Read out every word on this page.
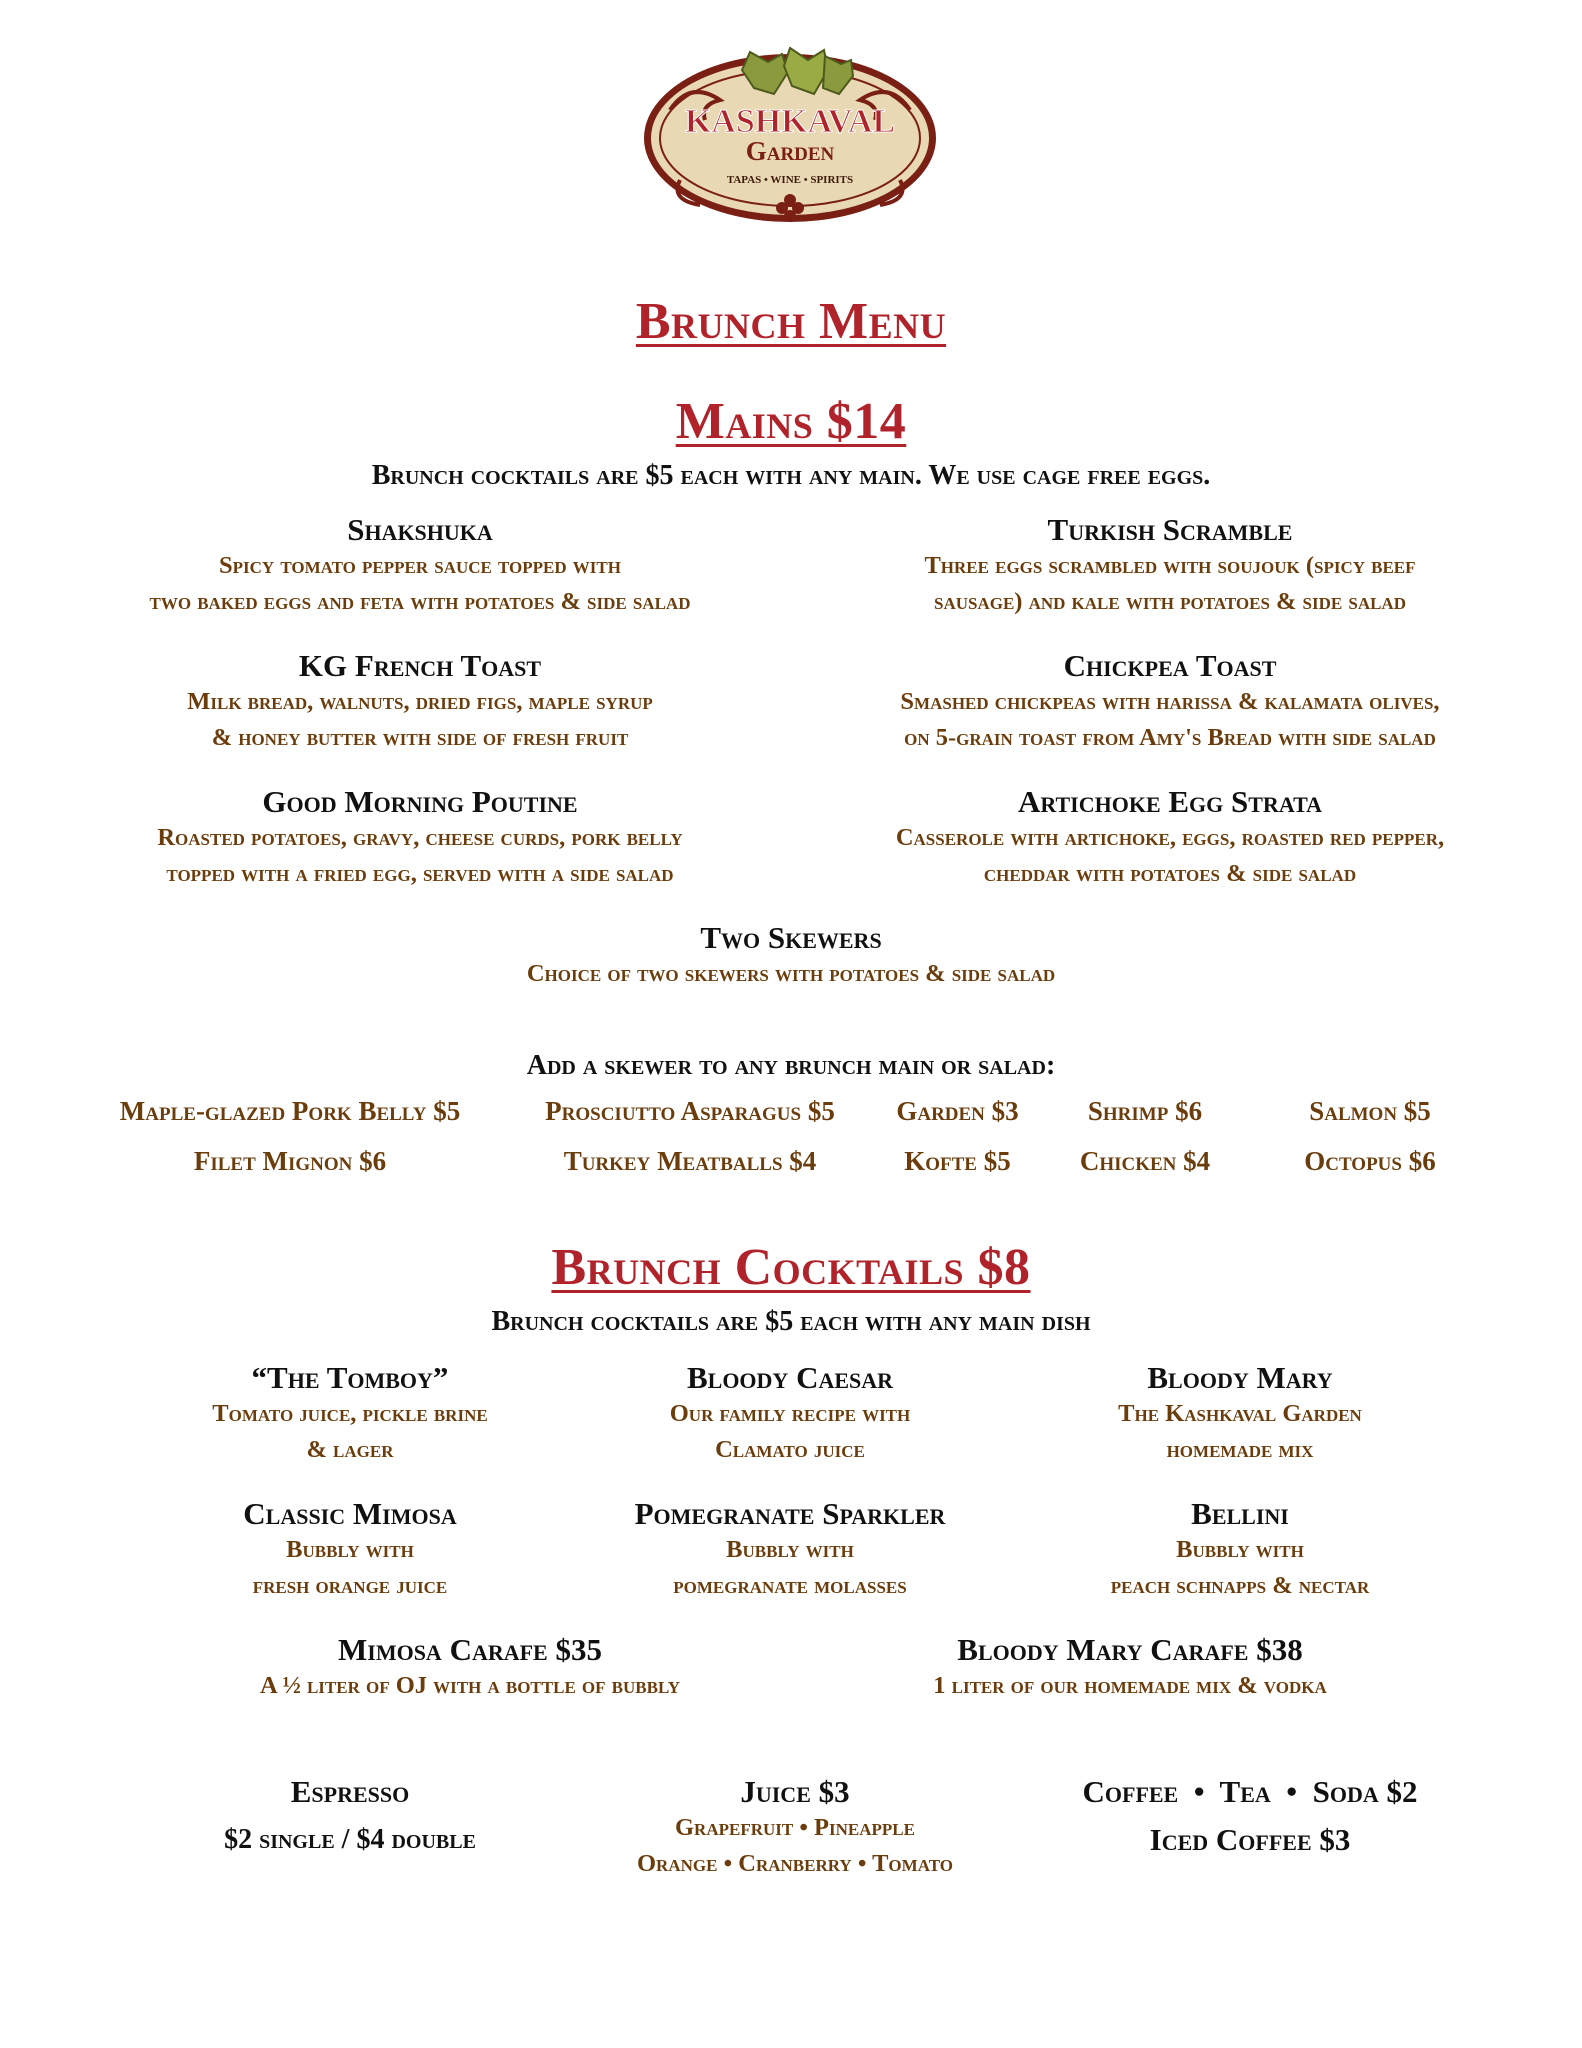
KASHKAVAL
Garden
TAPAS • WINE • SPIRITS
Brunch Menu
Mains $14
Brunch cocktails are $5 each with any main. We use cage free eggs.
Shakshuka
Spicy tomato pepper sauce topped with
two baked eggs and feta with potatoes & side salad
Turkish Scramble
Three eggs scrambled with soujouk (spicy beef
sausage) and kale with potatoes & side salad
KG French Toast
Milk bread, walnuts, dried figs, maple syrup
& honey butter with side of fresh fruit
Chickpea Toast
Smashed chickpeas with harissa & kalamata olives,
on 5-grain toast from Amy's Bread with side salad
Good Morning Poutine
Roasted potatoes, gravy, cheese curds, pork belly
topped with a fried egg, served with a side salad
Artichoke Egg Strata
Casserole with artichoke, eggs, roasted red pepper,
cheddar with potatoes & side salad
Two Skewers
Choice of two skewers with potatoes & side salad
Add a skewer to any brunch main or salad:
Maple-glazed Pork Belly $5	Prosciutto Asparagus $5	Garden $3	Shrimp $6	Salmon $5
Filet Mignon $6	Turkey Meatballs $4	Kofte $5	Chicken $4	Octopus $6
Brunch Cocktails $8
Brunch cocktails are $5 each with any main dish
“The Tomboy”
Tomato juice, pickle brine
& lager
Bloody Caesar
Our family recipe with
Clamato juice
Bloody Mary
The Kashkaval Garden
homemade mix
Classic Mimosa
Bubbly with
fresh orange juice
Pomegranate Sparkler
Bubbly with
pomegranate molasses
Bellini
Bubbly with
peach schnapps & nectar
Mimosa Carafe $35
A ½ liter of OJ with a bottle of bubbly
Bloody Mary Carafe $38
1 liter of our homemade mix & vodka
Espresso
$2 single / $4 double
Juice $3
Grapefruit • Pineapple
Orange • Cranberry • Tomato
Coffee  •  Tea  •  Soda $2
Iced Coffee $3
